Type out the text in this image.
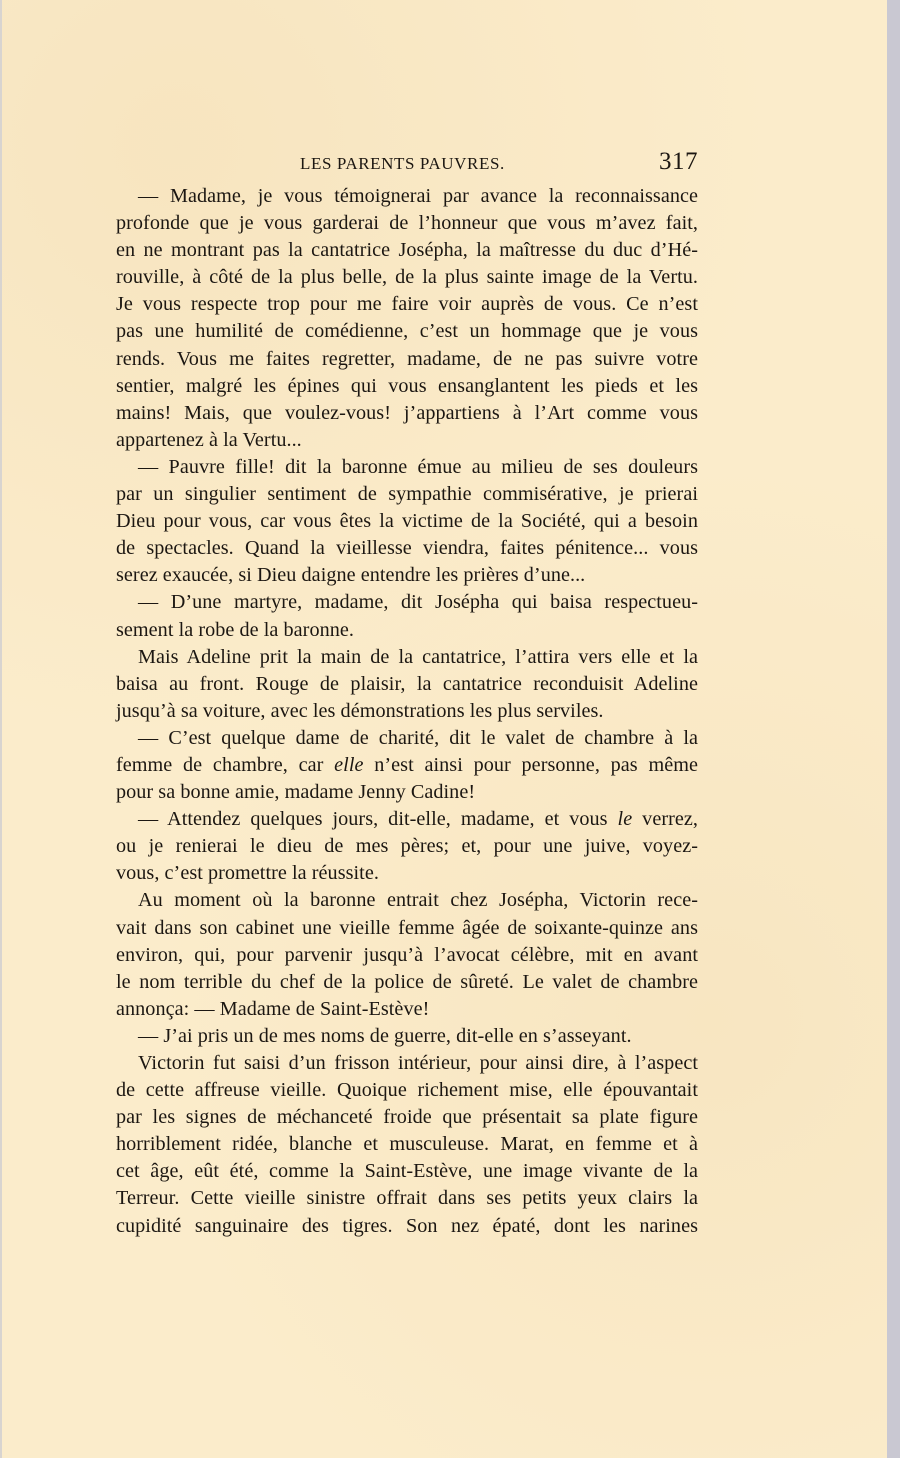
LES PARENTS PAUVRES.	317
— Madame, je vous témoignerai par avance la reconnaissance
profonde que je vous garderai de l’honneur que vous m’avez fait,
en ne montrant pas la cantatrice Josépha, la maîtresse du duc d’Hé-
rouville, à côté de la plus belle, de la plus sainte image de la Vertu.
Je vous respecte trop pour me faire voir auprès de vous. Ce n’est
pas une humilité de comédienne, c’est un hommage que je vous
rends. Vous me faites regretter, madame, de ne pas suivre votre
sentier, malgré les épines qui vous ensanglantent les pieds et les
mains! Mais, que voulez-vous! j’appartiens à l’Art comme vous
appartenez à la Vertu...
— Pauvre fille! dit la baronne émue au milieu de ses douleurs
par un singulier sentiment de sympathie commisérative, je prierai
Dieu pour vous, car vous êtes la victime de la Société, qui a besoin
de spectacles. Quand la vieillesse viendra, faites pénitence... vous
serez exaucée, si Dieu daigne entendre les prières d’une...
— D’une martyre, madame, dit Josépha qui baisa respectueu-
sement la robe de la baronne.
Mais Adeline prit la main de la cantatrice, l’attira vers elle et la
baisa au front. Rouge de plaisir, la cantatrice reconduisit Adeline
jusqu’à sa voiture, avec les démonstrations les plus serviles.
— C’est quelque dame de charité, dit le valet de chambre à la
femme de chambre, car elle n’est ainsi pour personne, pas même
pour sa bonne amie, madame Jenny Cadine!
— Attendez quelques jours, dit-elle, madame, et vous le verrez,
ou je renierai le dieu de mes pères; et, pour une juive, voyez-
vous, c’est promettre la réussite.
Au moment où la baronne entrait chez Josépha, Victorin rece-
vait dans son cabinet une vieille femme âgée de soixante-quinze ans
environ, qui, pour parvenir jusqu’à l’avocat célèbre, mit en avant
le nom terrible du chef de la police de sûreté. Le valet de chambre
annonça: — Madame de Saint-Estève!
— J’ai pris un de mes noms de guerre, dit-elle en s’asseyant.
Victorin fut saisi d’un frisson intérieur, pour ainsi dire, à l’aspect
de cette affreuse vieille. Quoique richement mise, elle épouvantait
par les signes de méchanceté froide que présentait sa plate figure
horriblement ridée, blanche et musculeuse. Marat, en femme et à
cet âge, eût été, comme la Saint-Estève, une image vivante de la
Terreur. Cette vieille sinistre offrait dans ses petits yeux clairs la
cupidité sanguinaire des tigres. Son nez épaté, dont les narines
